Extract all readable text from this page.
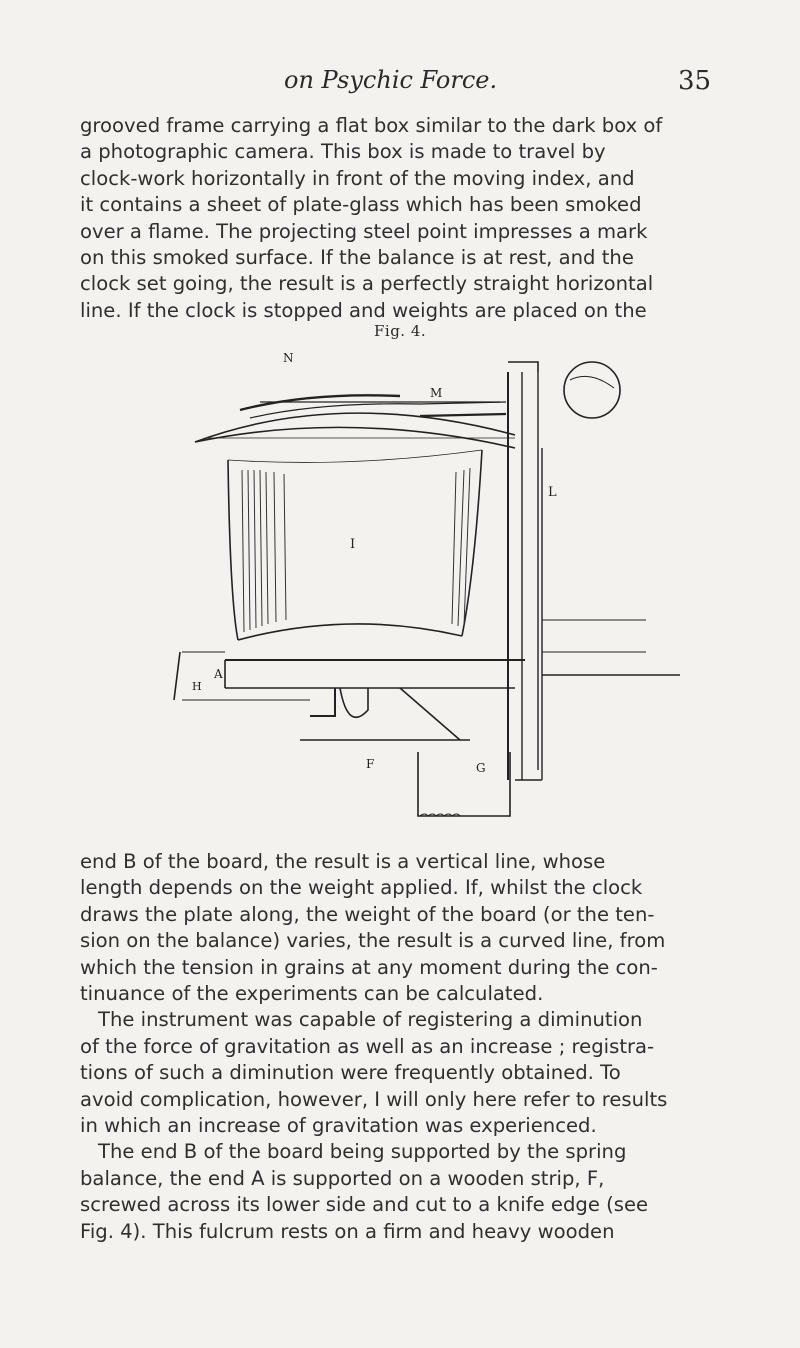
on Psychic Force.	35
grooved frame carrying a flat box similar to the dark box of
a photographic camera. This box is made to travel by
clock-work horizontally in front of the moving index, and
it contains a sheet of plate-glass which has been smoked
over a flame. The projecting steel point impresses a mark
on this smoked surface. If the balance is at rest, and the
clock set going, the result is a perfectly straight horizontal
line. If the clock is stopped and weights are placed on the
Fig. 4.
N
M
L
I
A
H
F	G
end B of the board, the result is a vertical line, whose
length depends on the weight applied. If, whilst the clock
draws the plate along, the weight of the board (or the ten-
sion on the balance) varies, the result is a curved line, from
which the tension in grains at any moment during the con-
tinuance of the experiments can be calculated.
The instrument was capable of registering a diminution
of the force of gravitation as well as an increase ; registra-
tions of such a diminution were frequently obtained. To
avoid complication, however, I will only here refer to results
in which an increase of gravitation was experienced.
The end B of the board being supported by the spring
balance, the end A is supported on a wooden strip, F,
screwed across its lower side and cut to a knife edge (see
Fig. 4). This fulcrum rests on a firm and heavy wooden
